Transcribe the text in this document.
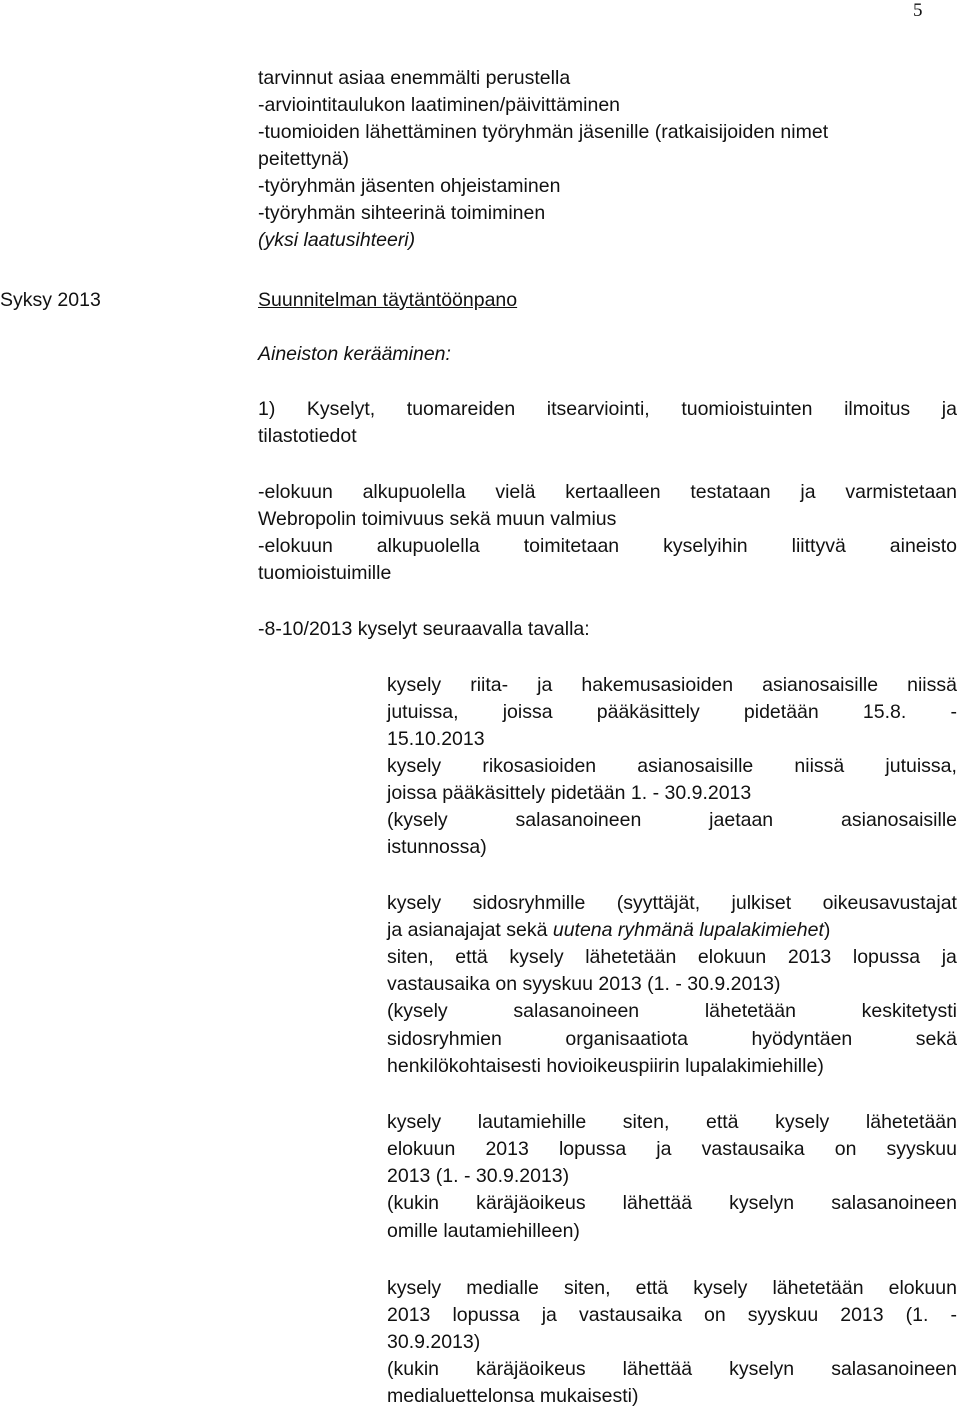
5
Syksy 2013
tarvinnut asiaa enemmälti perustella
-arviointitaulukon laatiminen/päivittäminen
-tuomioiden lähettäminen työryhmän jäsenille (ratkaisijoiden nimet
peitettynä)
-työryhmän jäsenten ohjeistaminen
-työryhmän sihteerinä toimiminen
(yksi laatusihteeri)
Suunnitelman täytäntöönpano
Aineiston kerääminen:
1) Kyselyt, tuomareiden itsearviointi, tuomioistuinten ilmoitus ja
tilastotiedot
-elokuun alkupuolella vielä kertaalleen testataan ja varmistetaan
Webropolin toimivuus sekä muun valmius
-elokuun alkupuolella toimitetaan kyselyihin liittyvä aineisto
tuomioistuimille
-8-10/2013 kyselyt seuraavalla tavalla:
kysely riita- ja hakemusasioiden asianosaisille niissä
jutuissa, joissa pääkäsittely pidetään 15.8. -
15.10.2013
kysely rikosasioiden asianosaisille niissä jutuissa,
joissa pääkäsittely pidetään 1. - 30.9.2013
(kysely	salasanoineen	jaetaan	asianosaisille
istunnossa)
kysely sidosryhmille (syyttäjät, julkiset oikeusavustajat
ja asianajajat sekä uutena ryhmänä lupalakimiehet)
siten, että kysely lähetetään elokuun 2013 lopussa ja
vastausaika on syyskuu 2013 (1. - 30.9.2013)
(kysely	salasanoineen	lähetetään	keskitetysti
sidosryhmien	organisaatiota	hyödyntäen	sekä
henkilökohtaisesti hovioikeuspiirin lupalakimiehille)
kysely lautamiehille siten, että kysely lähetetään
elokuun 2013 lopussa ja vastausaika on syyskuu
2013 (1. - 30.9.2013)
(kukin käräjäoikeus lähettää kyselyn salasanoineen
omille lautamiehilleen)
kysely medialle siten, että kysely lähetetään elokuun
2013 lopussa ja vastausaika on syyskuu 2013 (1. -
30.9.2013)
(kukin käräjäoikeus lähettää kyselyn salasanoineen
medialuettelonsa mukaisesti)
